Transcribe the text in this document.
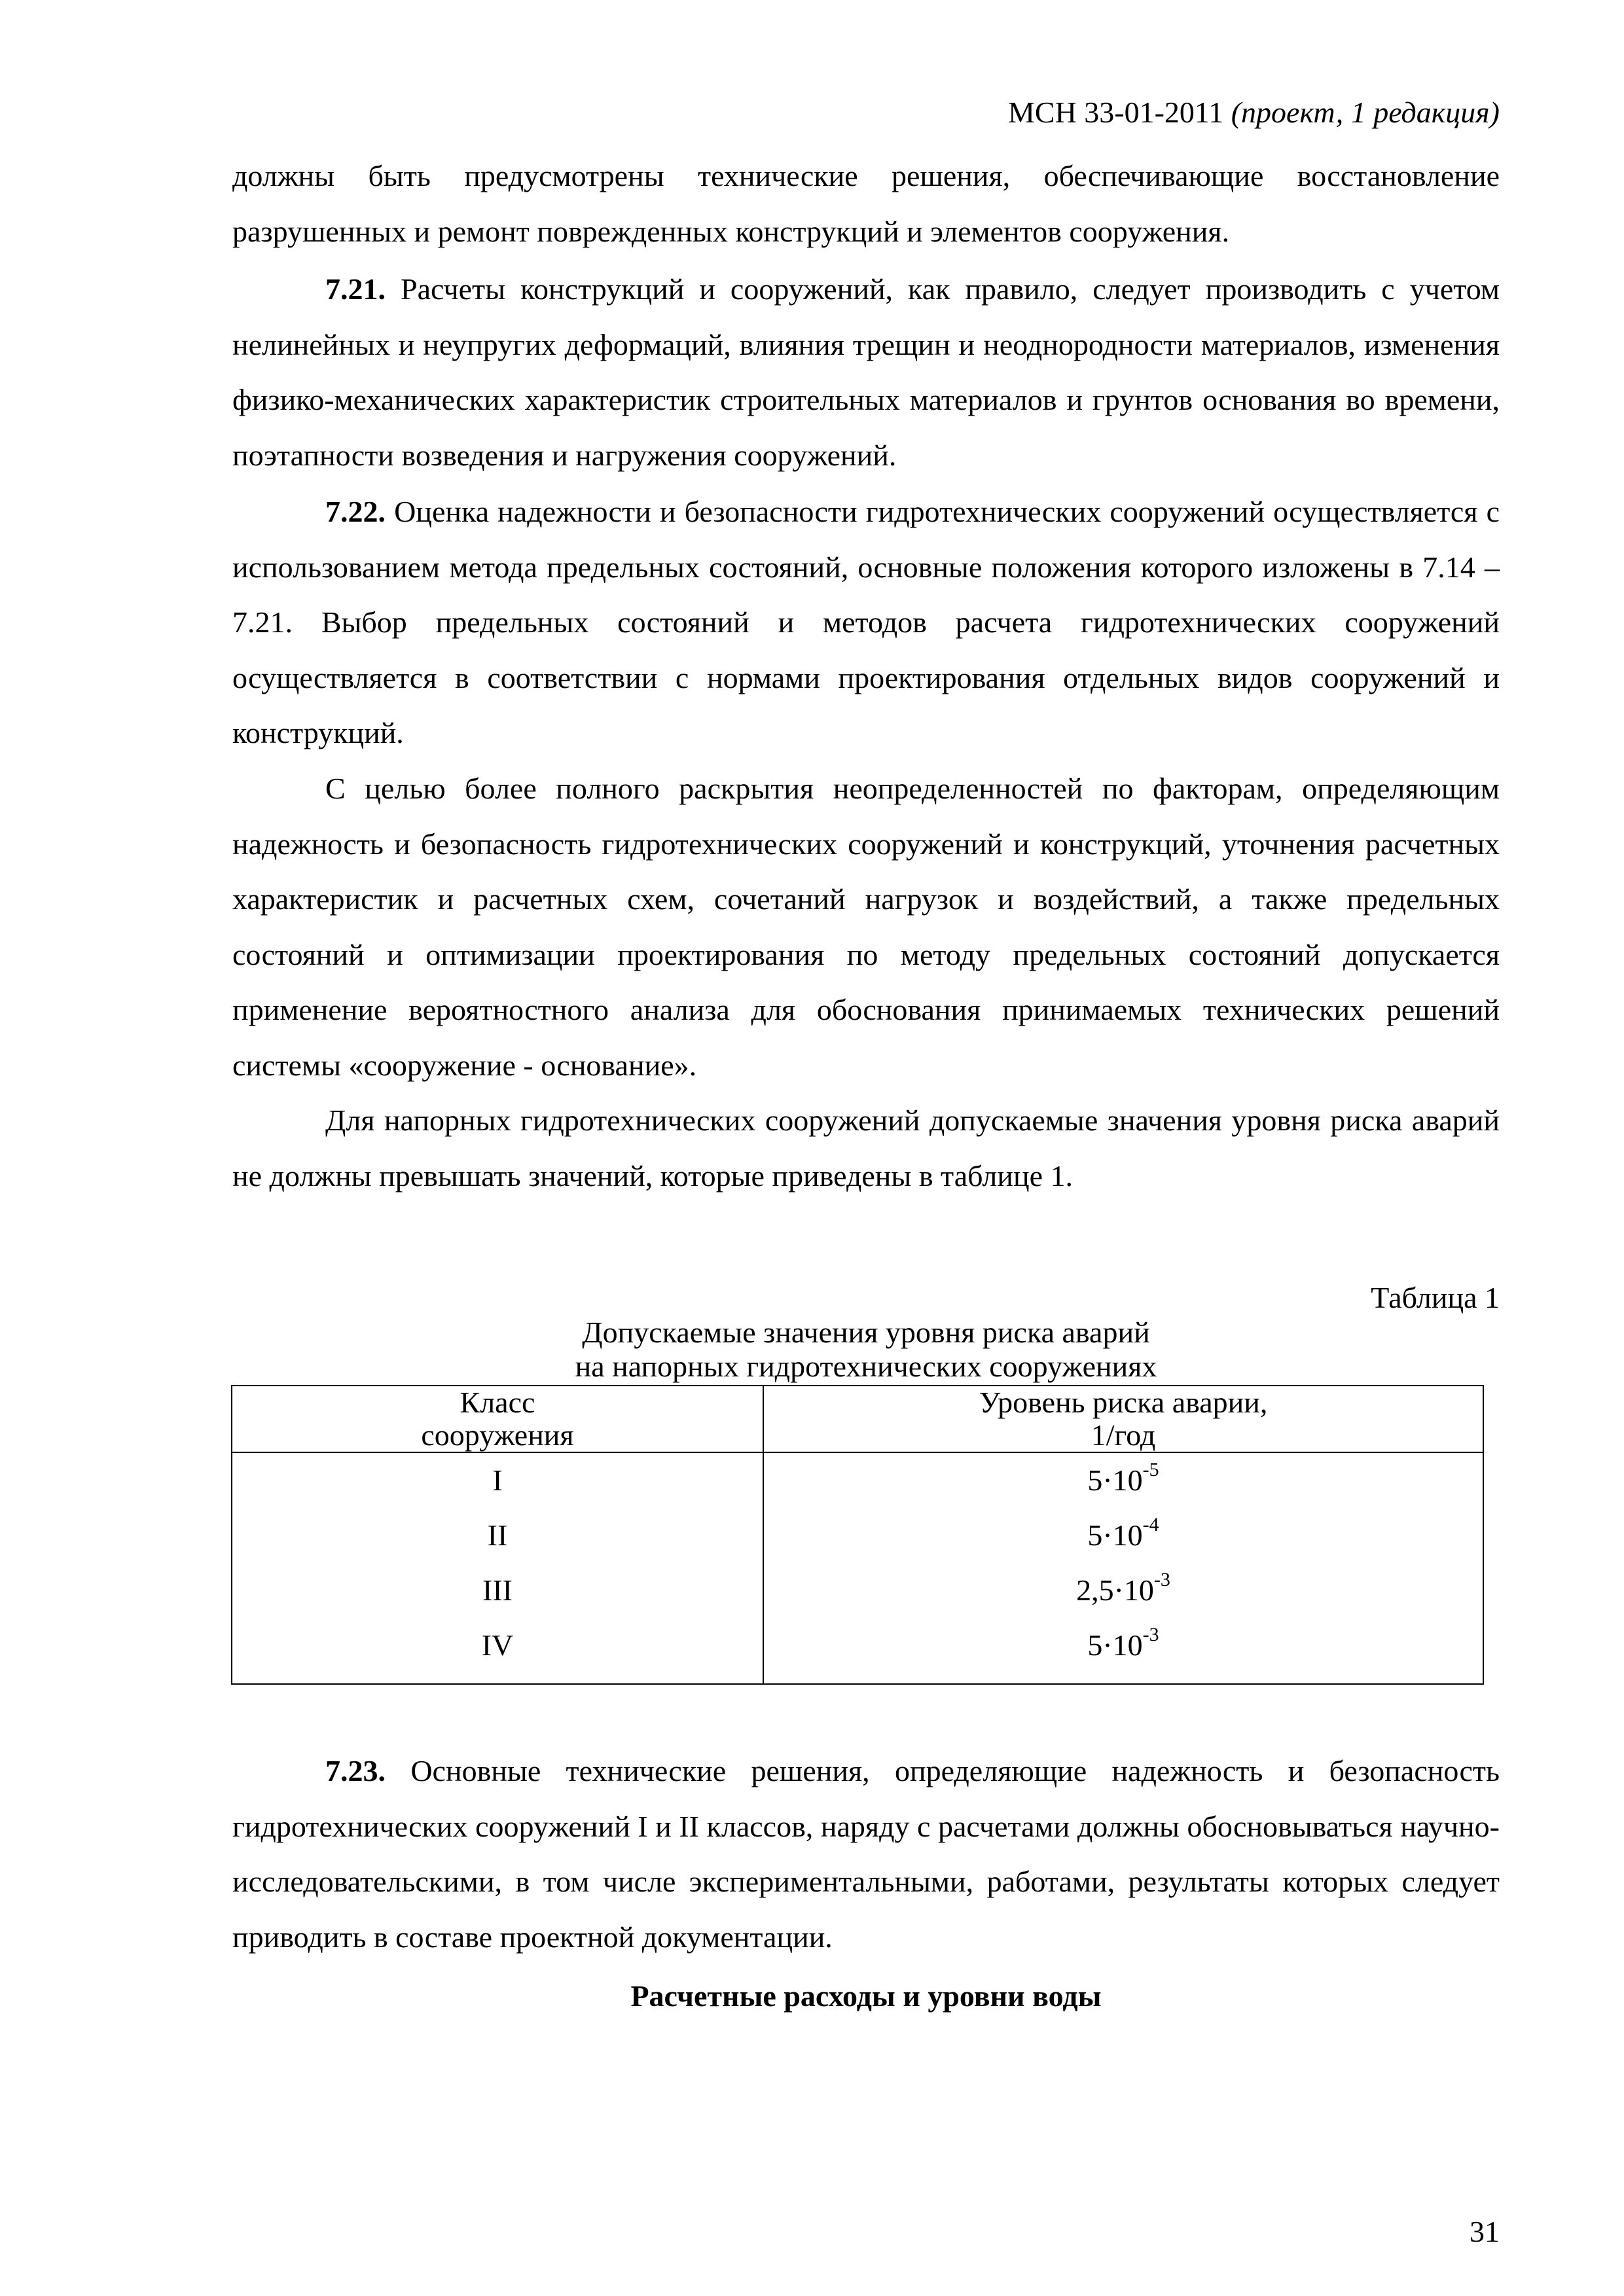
МСН 33-01-2011 (проект, 1 редакция)

должны быть предусмотрены технические решения, обеспечивающие восстановление разрушенных и ремонт поврежденных конструкций и элементов сооружения.

7.21. Расчеты конструкций и сооружений, как правило, следует производить с учетом нелинейных и неупругих деформаций, влияния трещин и неоднородности материалов, изменения физико-механических характеристик строительных материалов и грунтов основания во времени, поэтапности возведения и нагружения сооружений.

7.22. Оценка надежности и безопасности гидротехнических сооружений осуществляется с использованием метода предельных состояний, основные положения которого изложены в 7.14 – 7.21. Выбор предельных состояний и методов расчета гидротехнических сооружений осуществляется в соответствии с нормами проектирования отдельных видов сооружений и конструкций.

С целью более полного раскрытия неопределенностей по факторам, определяющим надежность и безопасность гидротехнических сооружений и конструкций, уточнения расчетных характеристик и расчетных схем, сочетаний нагрузок и воздействий, а также предельных состояний и оптимизации проектирования по методу предельных состояний допускается применение вероятностного анализа для обоснования принимаемых технических решений системы «сооружение - основание».

Для напорных гидротехнических сооружений допускаемые значения уровня риска аварий не должны превышать значений, которые приведены в таблице 1.

Таблица 1
Допускаемые значения уровня риска аварий
на напорных гидротехнических сооружениях
Класс
сооружения	Уровень риска аварии,
1/год

I	$5\cdot 10^{-5}$
II	$5\cdot 10^{-4}$
III	$2,5\cdot 10^{-3}$
IV	$5\cdot 10^{-3}$

7.23. Основные технические решения, определяющие надежность и безопасность гидротехнических сооружений I и II классов, наряду с расчетами должны обосновываться научно-исследовательскими, в том числе экспериментальными, работами, результаты которых следует приводить в составе проектной документации.

Расчетные расходы и уровни воды
31
